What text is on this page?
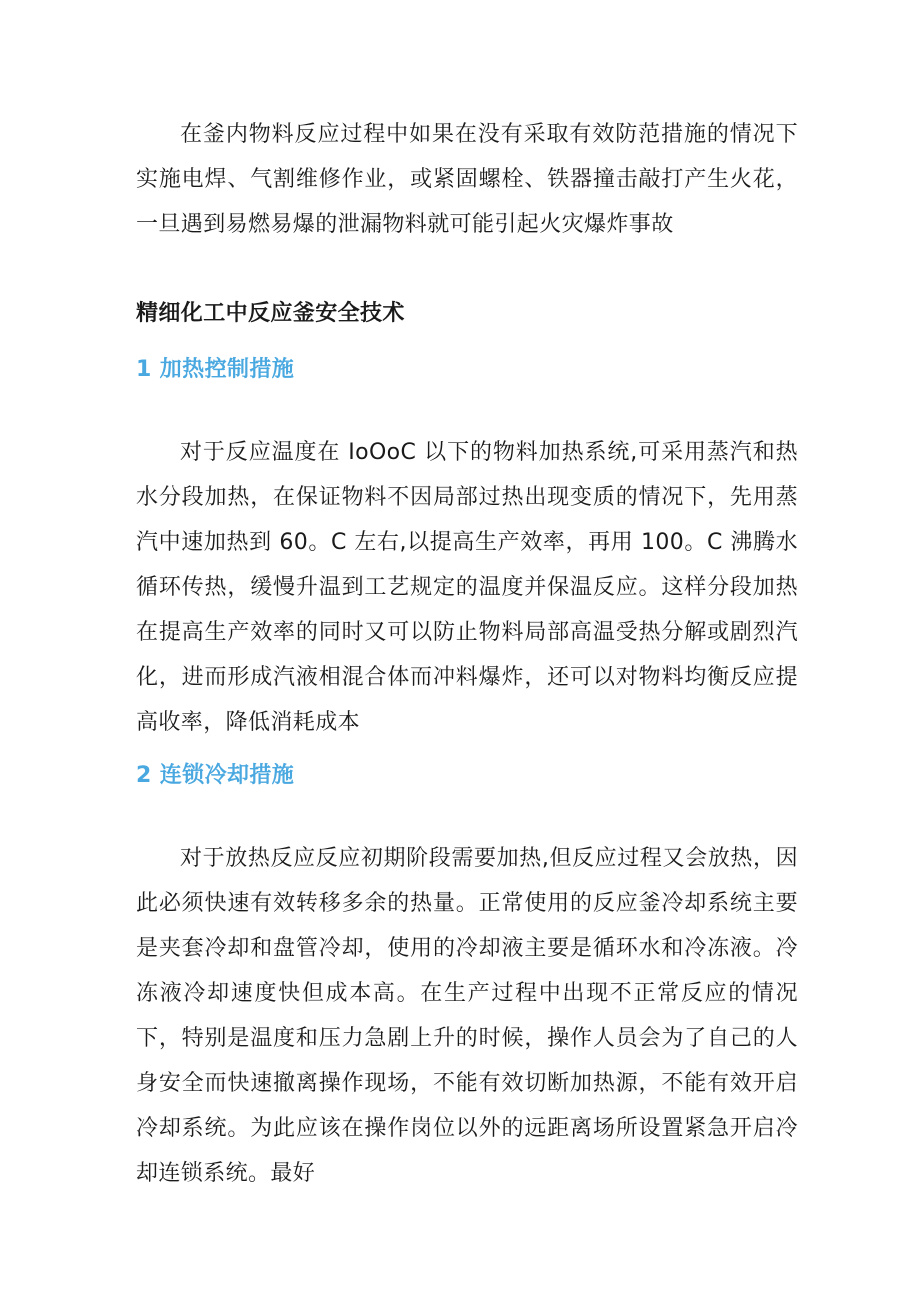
在釜内物料反应过程中如果在没有采取有效防范措施的情况下实施电焊、气割维修作业，或紧固螺栓、铁器撞击敲打产生火花，一旦遇到易燃易爆的泄漏物料就可能引起火灾爆炸事故

精细化工中反应釜安全技术
1 加热控制措施

对于反应温度在 IoOoC 以下的物料加热系统,可采用蒸汽和热水分段加热，在保证物料不因局部过热出现变质的情况下，先用蒸汽中速加热到 60。C 左右,以提高生产效率，再用 100。C 沸腾水循环传热，缓慢升温到工艺规定的温度并保温反应。这样分段加热在提高生产效率的同时又可以防止物料局部高温受热分解或剧烈汽化，进而形成汽液相混合体而冲料爆炸，还可以对物料均衡反应提高收率，降低消耗成本

2 连锁冷却措施

对于放热反应反应初期阶段需要加热,但反应过程又会放热，因此必须快速有效转移多余的热量。正常使用的反应釜冷却系统主要是夹套冷却和盘管冷却，使用的冷却液主要是循环水和冷冻液。冷冻液冷却速度快但成本高。在生产过程中出现不正常反应的情况下，特别是温度和压力急剧上升的时候，操作人员会为了自己的人身安全而快速撤离操作现场，不能有效切断加热源，不能有效开启冷却系统。为此应该在操作岗位以外的远距离场所设置紧急开启冷却连锁系统。最好
